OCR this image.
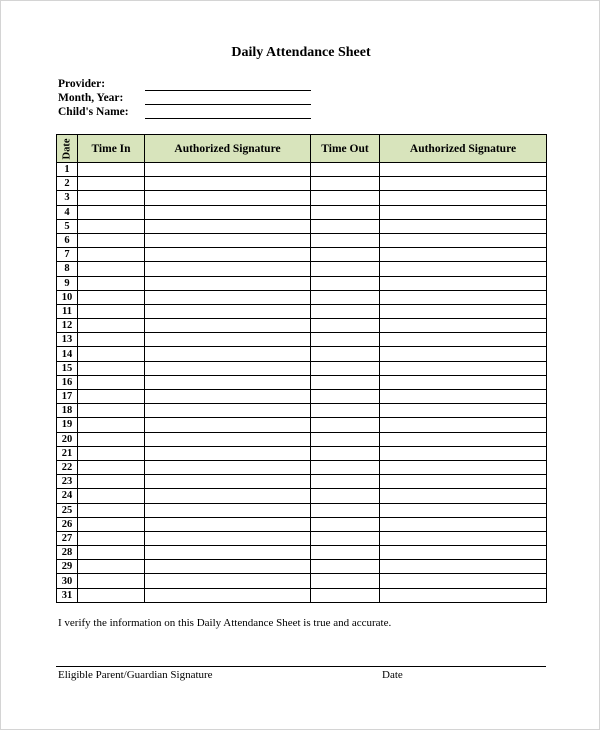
Daily Attendance Sheet
Provider:
Month, Year:
Child's Name:
Date	Time In	Authorized Signature	Time Out	Authorized Signature
1				
2				
3				
4				
5				
6				
7				
8				
9				
10				
11				
12				
13				
14				
15				
16				
17				
18				
19				
20				
21				
22				
23				
24				
25				
26				
27				
28				
29				
30				
31				
I verify the information on this Daily Attendance Sheet is true and accurate.
Eligible Parent/Guardian Signature	Date
